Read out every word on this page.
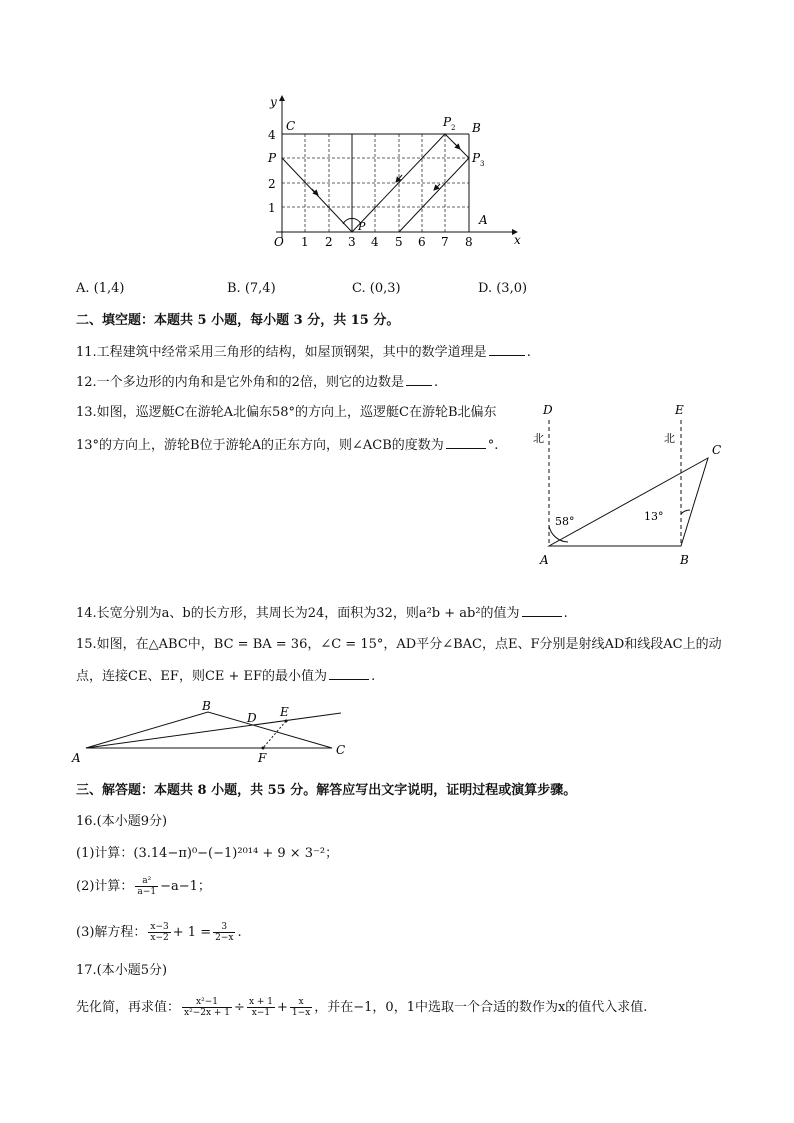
y
x
O 1 2 3 4 5 6 7 8
1
2
4
C	B
A
P
P
P 2
P 3
A. (1,4)	B. (7,4)	C. (0,3)	D. (3,0)
二、填空题：本题共 5 小题，每小题 3 分，共 15 分。
11.工程建筑中经常采用三角形的结构，如屋顶钢架，其中的数学道理是	.
12.一个多边形的内角和是它外角和的2倍，则它的边数是 .
13.如图，巡逻艇C在游轮A北偏东58°的方向上，巡逻艇C在游轮B北偏东
13°的方向上，游轮B位于游轮A的正东方向，则∠ACB的度数为	°.
D	E
C
A	B
北	北
58°	13°
14.长宽分别为a、b的长方形，其周长为24，面积为32，则a²b + ab²的值为	.
15.如图，在△ABC中，BC = BA = 36，∠C = 15°，AD平分∠BAC，点E、F分别是射线AD和线段AC上的动
点，连接CE、EF，则CE + EF的最小值为	.
A
B
C
D E
F
三、解答题：本题共 8 小题，共 55 分。解答应写出文字说明，证明过程或演算步骤。
16.(本小题9分)
(1)计算：(3.14−π)⁰−(−1)²⁰¹⁴ + 9 × 3⁻²；
(2)计算： $\frac{\text{a²}}{a-1} -a-1$；
(3)解方程： $\frac{x-3}{x-2} + 1 = \frac{3}{2-x}$ .
17.(本小题5分)
先化简，再求值： $\frac{\text{x²−1}}{\text{x²−2x + 1}} \div \frac{x + 1}{x-1} + \frac{x}{1-x}$ ，并在−1，0，1中选取一个合适的数作为x的值代入求值.
